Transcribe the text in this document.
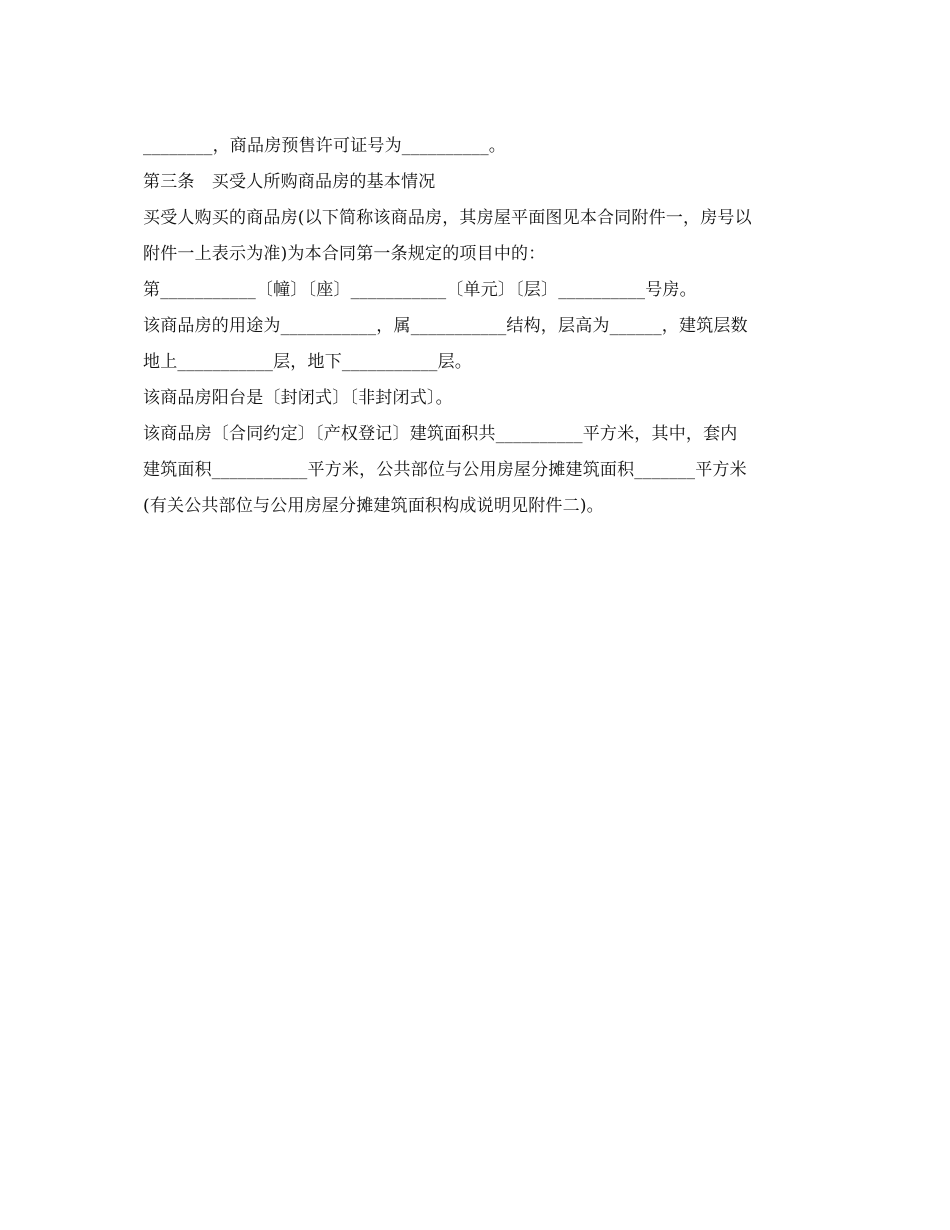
________，商品房预售许可证号为__________。
第三条　买受人所购商品房的基本情况
买受人购买的商品房(以下简称该商品房，其房屋平面图见本合同附件一，房号以
附件一上表示为准)为本合同第一条规定的项目中的：
第___________〔幢〕〔座〕___________〔单元〕〔层〕__________号房。
该商品房的用途为___________，属___________结构，层高为______，建筑层数
地上___________层，地下___________层。
该商品房阳台是〔封闭式〕〔非封闭式〕。
该商品房〔合同约定〕〔产权登记〕建筑面积共__________平方米，其中，套内
建筑面积___________平方米，公共部位与公用房屋分摊建筑面积_______平方米
(有关公共部位与公用房屋分摊建筑面积构成说明见附件二)。
